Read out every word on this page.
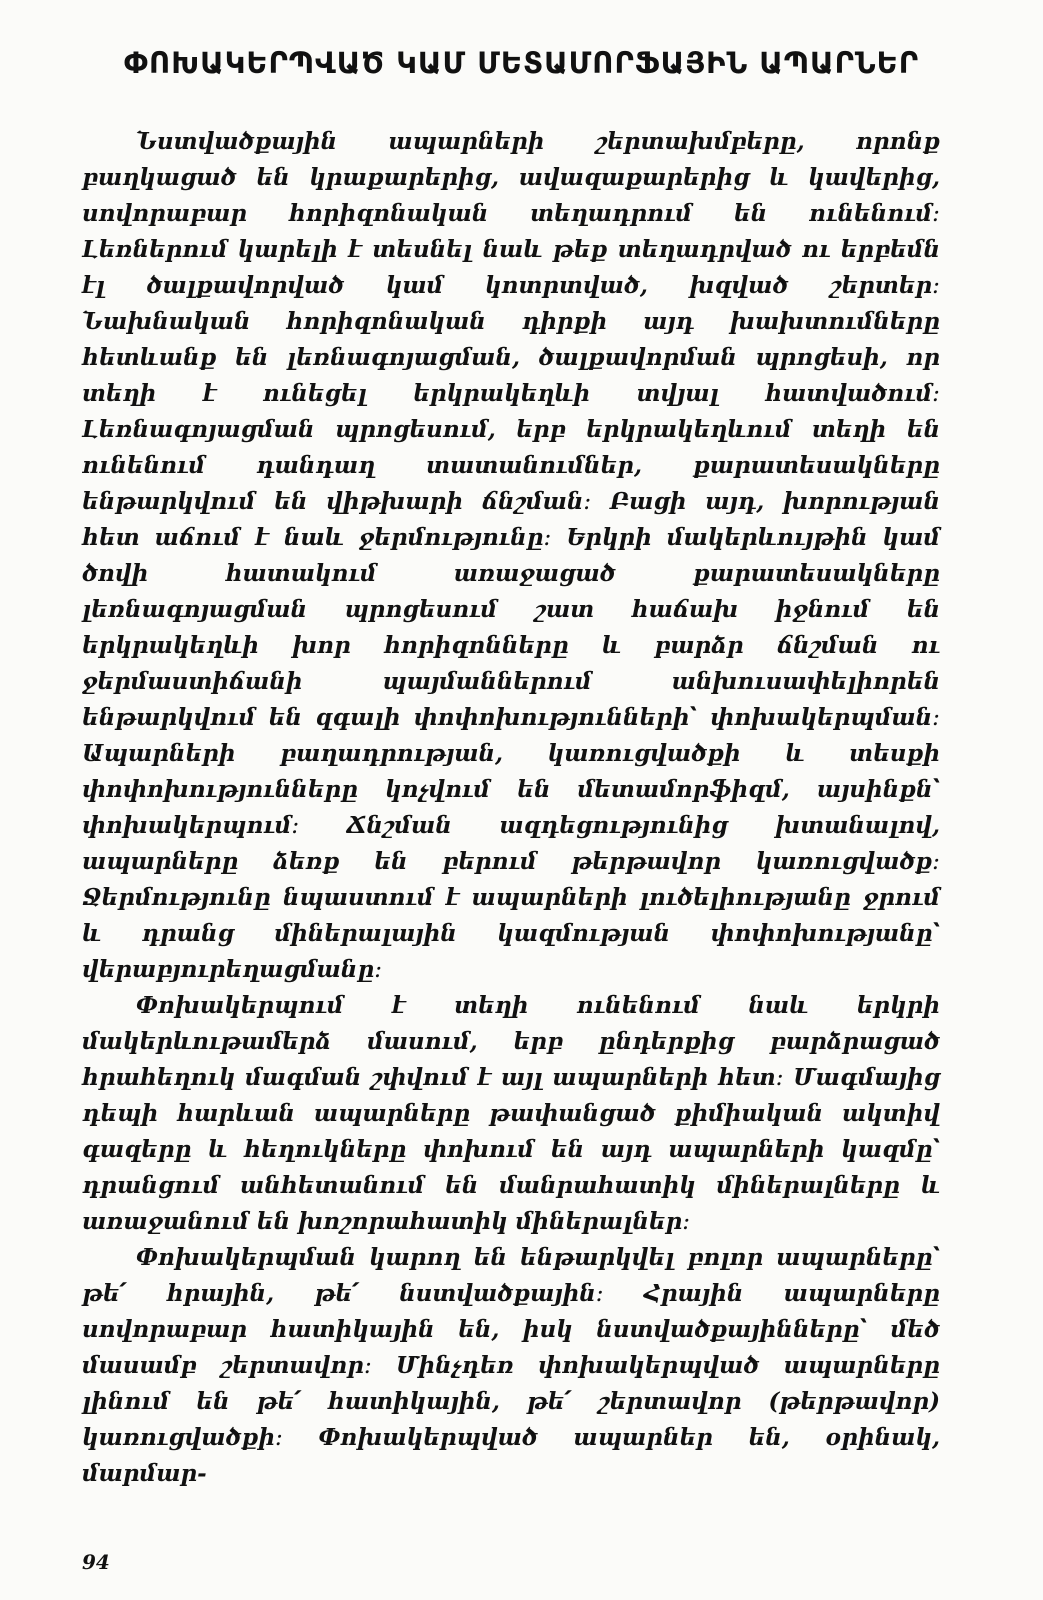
ՓՈԽԱԿԵՐՊՎԱԾ ԿԱՄ ՄԵՏԱՄՈՐՖԱՅԻՆ ԱՊԱՐՆԵՐ

Նստվածքային ապարների շերտախմբերը, որոնք բաղկացած են կրաքարերից, ավազաքարերից և կավերից, սովորաբար հորիզոնական տեղադրում են ունենում։ Լեռներում կարելի է տեսնել նաև թեք տեղադրված ու երբեմն էլ ծալքավորված կամ կոտրտված, խզված շերտեր։ Նախնական հորիզոնական դիրքի այդ խախտումները հետևանք են լեռնագոյացման, ծալքավորման պրոցեսի, որ տեղի է ունեցել երկրակեղևի տվյալ հատվածում։ Լեռնագոյացման պրոցեսում, երբ երկրակեղևում տեղի են ունենում դանդաղ տատանումներ, քարատեսակները ենթարկվում են վիթխարի ճնշման։ Բացի այդ, խորության հետ աճում է նաև ջերմությունը։ Երկրի մակերևույթին կամ ծովի հատակում առաջացած քարատեսակները լեռնագոյացման պրոցեսում շատ հաճախ իջնում են երկրակեղևի խոր հորիզոնները և բարձր ճնշման ու ջերմաստիճանի պայմաններում անխուսափելիորեն ենթարկվում են զգալի փոփոխությունների՝ փոխակերպման։ Ապարների բաղադրության, կառուցվածքի և տեսքի փոփոխությունները կոչվում են մետամորֆիզմ, այսինքն՝ փոխակերպում։ Ճնշման ազդեցությունից խտանալով, ապարները ձեռք են բերում թերթավոր կառուցվածք։ Ջերմությունը նպաստում է ապարների լուծելիությանը ջրում և դրանց միներալային կազմության փոփոխությանը՝ վերաբյուրեղացմանը։

Փոխակերպում է տեղի ունենում նաև երկրի մակերևութամերձ մասում, երբ ընդերքից բարձրացած հրահեղուկ մագման շփվում է այլ ապարների հետ։ Մագմայից դեպի հարևան ապարները թափանցած քիմիական ակտիվ գազերը և հեղուկները փոխում են այդ ապարների կազմը՝ դրանցում անհետանում են մանրահատիկ միներալները և առաջանում են խոշորահատիկ միներալներ։

Փոխակերպման կարող են ենթարկվել բոլոր ապարները՝ թե՛ հրային, թե՛ նստվածքային։ Հրային ապարները սովորաբար հատիկային են, իսկ նստվածքայինները՝ մեծ մասամբ շերտավոր։ Մինչդեռ փոխակերպված ապարները լինում են թե՛ հատիկային, թե՛ շերտավոր (թերթավոր) կառուցվածքի։ Փոխակերպված ապարներ են, օրինակ, մարմար-

94
